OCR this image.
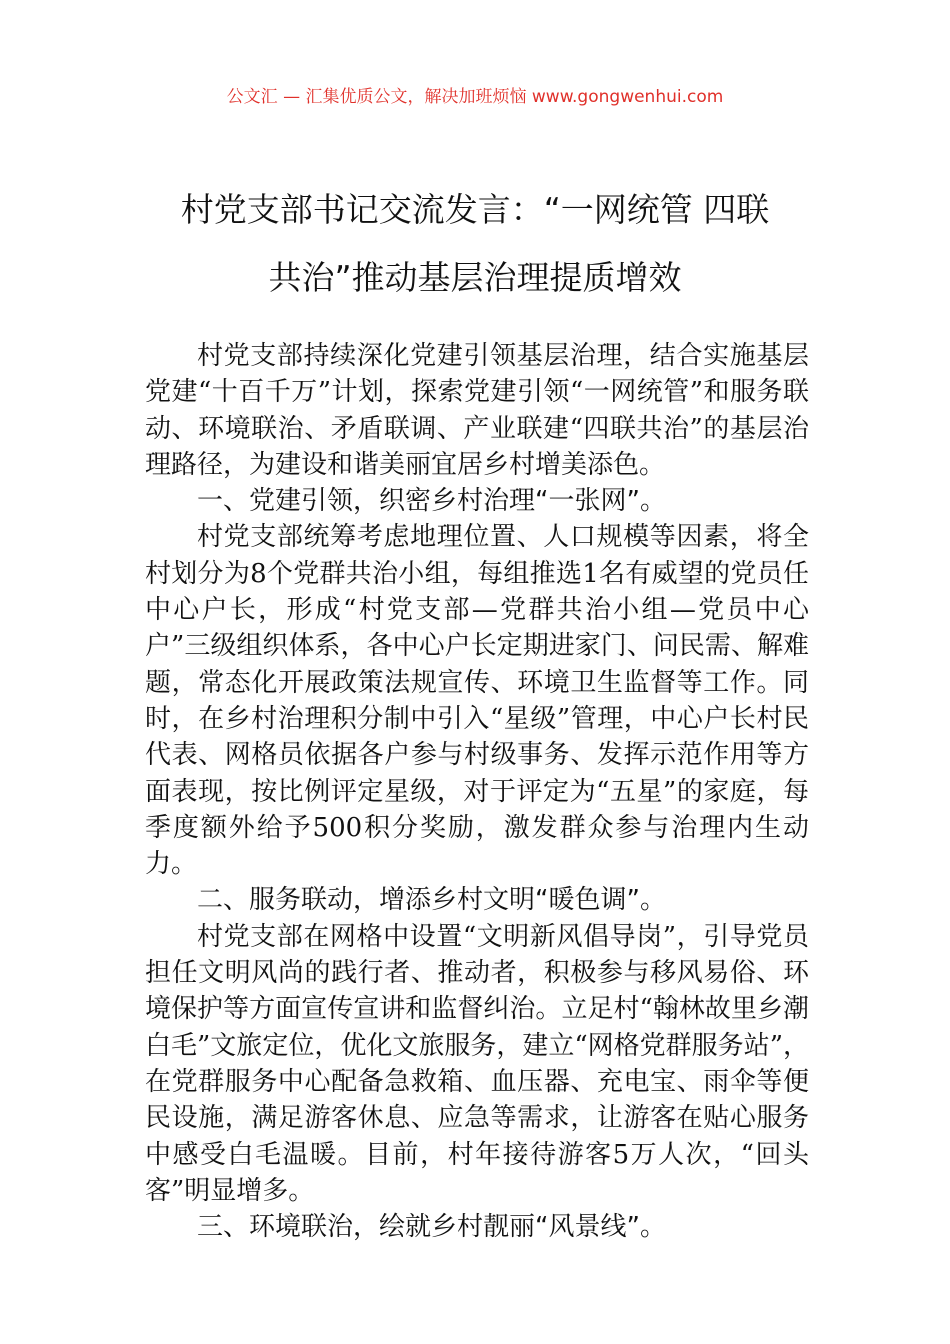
公文汇 — 汇集优质公文，解决加班烦恼 www.gongwenhui.com
村党支部书记交流发言：“一网统管 四联
共治”推动基层治理提质增效

村党支部持续深化党建引领基层治理，结合实施基层党建“十百千万”计划，探索党建引领“一网统管”和服务联动、环境联治、矛盾联调、产业联建“四联共治”的基层治理路径，为建设和谐美丽宜居乡村增美添色。

一、党建引领，织密乡村治理“一张网”。

村党支部统筹考虑地理位置、人口规模等因素，将全村划分为8个党群共治小组，每组推选1名有威望的党员任中心户长，形成“村党支部—党群共治小组—党员中心户”三级组织体系，各中心户长定期进家门、问民需、解难题，常态化开展政策法规宣传、环境卫生监督等工作。同时，在乡村治理积分制中引入“星级”管理，中心户长村民代表、网格员依据各户参与村级事务、发挥示范作用等方面表现，按比例评定星级，对于评定为“五星”的家庭，每季度额外给予500积分奖励，激发群众参与治理内生动力。

二、服务联动，增添乡村文明“暖色调”。

村党支部在网格中设置“文明新风倡导岗”，引导党员担任文明风尚的践行者、推动者，积极参与移风易俗、环境保护等方面宣传宣讲和监督纠治。立足村“翰林故里乡潮白毛”文旅定位，优化文旅服务，建立“网格党群服务站”，在党群服务中心配备急救箱、血压器、充电宝、雨伞等便民设施，满足游客休息、应急等需求，让游客在贴心服务中感受白毛温暖。目前，村年接待游客5万人次，“回头客”明显增多。

三、环境联治，绘就乡村靓丽“风景线”。
